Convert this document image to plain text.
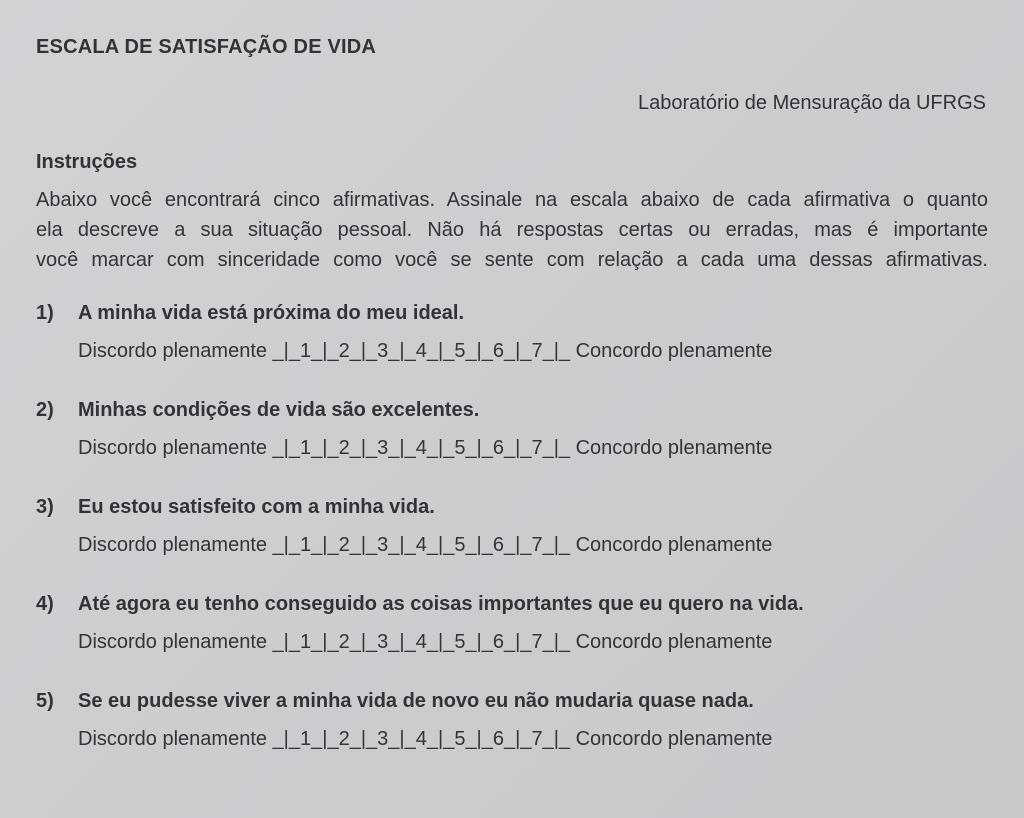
ESCALA DE SATISFAÇÃO DE VIDA
Laboratório de Mensuração da UFRGS
Instruções
Abaixo você encontrará cinco afirmativas. Assinale na escala abaixo de cada afirmativa o quanto
ela descreve a sua situação pessoal. Não há respostas certas ou erradas, mas é importante
você marcar com sinceridade como você se sente com relação a cada uma dessas afirmativas.
1) A minha vida está próxima do meu ideal.
Discordo plenamente _|_1_|_2_|_3_|_4_|_5_|_6_|_7_|_ Concordo plenamente
2) Minhas condições de vida são excelentes.
Discordo plenamente _|_1_|_2_|_3_|_4_|_5_|_6_|_7_|_ Concordo plenamente
3) Eu estou satisfeito com a minha vida.
Discordo plenamente _|_1_|_2_|_3_|_4_|_5_|_6_|_7_|_ Concordo plenamente
4) Até agora eu tenho conseguido as coisas importantes que eu quero na vida.
Discordo plenamente _|_1_|_2_|_3_|_4_|_5_|_6_|_7_|_ Concordo plenamente
5) Se eu pudesse viver a minha vida de novo eu não mudaria quase nada.
Discordo plenamente _|_1_|_2_|_3_|_4_|_5_|_6_|_7_|_ Concordo plenamente
